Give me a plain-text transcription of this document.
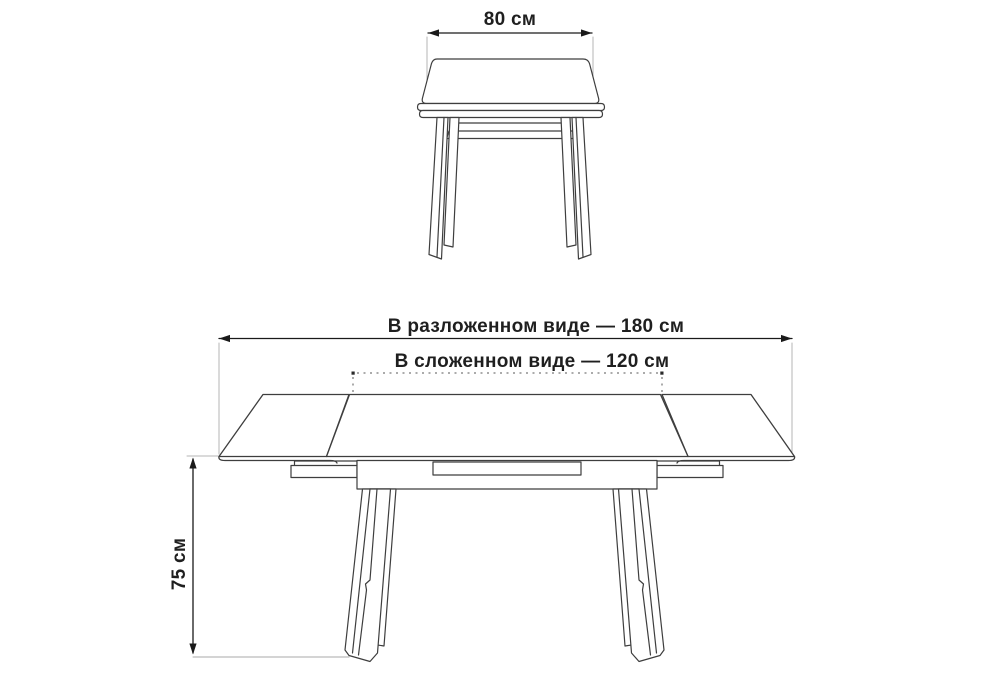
80 см
В разложенном виде — 180 см
В сложенном виде — 120 см
75 см
